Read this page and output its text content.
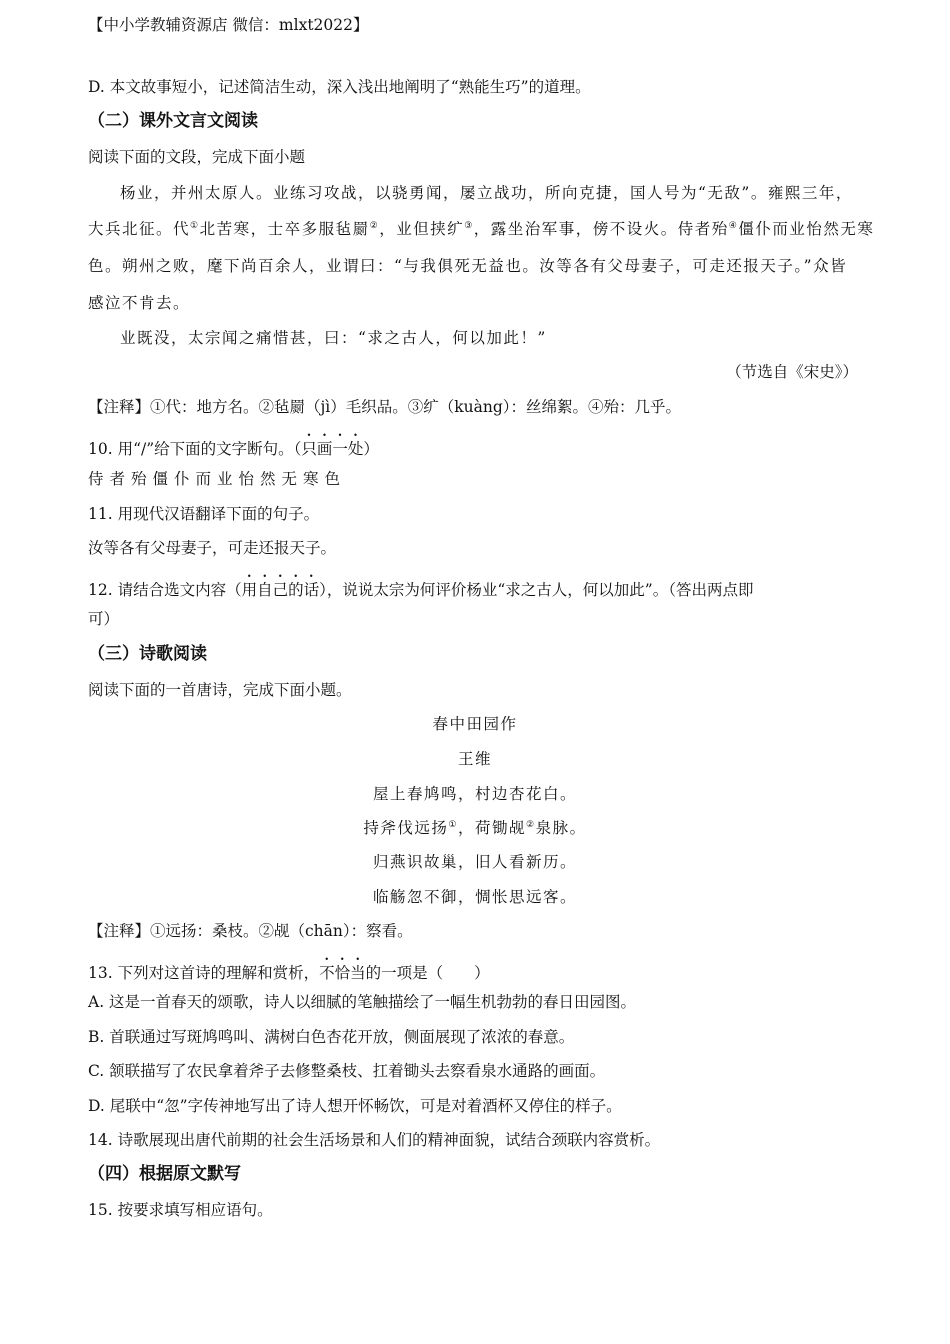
【中小学教辅资源店 微信：mlxt2022】
D. 本文故事短小，记述简洁生动，深入浅出地阐明了“熟能生巧”的道理。
（二）课外文言文阅读
阅读下面的文段，完成下面小题
杨业，并州太原人。业练习攻战，以骁勇闻，屡立战功，所向克捷，国人号为“无敌”。雍熙三年，
大兵北征。代①北苦寒，士卒多服毡罽②，业但挟纩③，露坐治军事，傍不设火。侍者殆④僵仆而业怡然无寒
色。朔州之败，麾下尚百余人，业谓曰：“与我俱死无益也。汝等各有父母妻子，可走还报天子。”众皆
感泣不肯去。
业既没，太宗闻之痛惜甚，曰：“求之古人，何以加此！”
（节选自《宋史》）
【注释】①代：地方名。②毡罽（jì）毛织品。③纩（kuàng）：丝绵絮。④殆：几乎。
10. 用“/”给下面的文字断句。（只画一处）
侍者殆僵仆而业怡然无寒色
11. 用现代汉语翻译下面的句子。
汝等各有父母妻子，可走还报天子。
12. 请结合选文内容（用自己的话），说说太宗为何评价杨业“求之古人，何以加此”。（答出两点即
可）
（三）诗歌阅读
阅读下面的一首唐诗，完成下面小题。
春中田园作
王维
屋上春鸠鸣，村边杏花白。
持斧伐远扬①，荷锄觇②泉脉。
归燕识故巢，旧人看新历。
临觞忽不御，惆怅思远客。
【注释】①远扬：桑枝。②觇（chān）：察看。
13. 下列对这首诗的理解和赏析，不恰当的一项是（　　）
A. 这是一首春天的颂歌，诗人以细腻的笔触描绘了一幅生机勃勃的春日田园图。
B. 首联通过写斑鸠鸣叫、满树白色杏花开放，侧面展现了浓浓的春意。
C. 颔联描写了农民拿着斧子去修整桑枝、扛着锄头去察看泉水通路的画面。
D. 尾联中“忽”字传神地写出了诗人想开怀畅饮，可是对着酒杯又停住的样子。
14. 诗歌展现出唐代前期的社会生活场景和人们的精神面貌，试结合颈联内容赏析。
（四）根据原文默写
15. 按要求填写相应语句。
